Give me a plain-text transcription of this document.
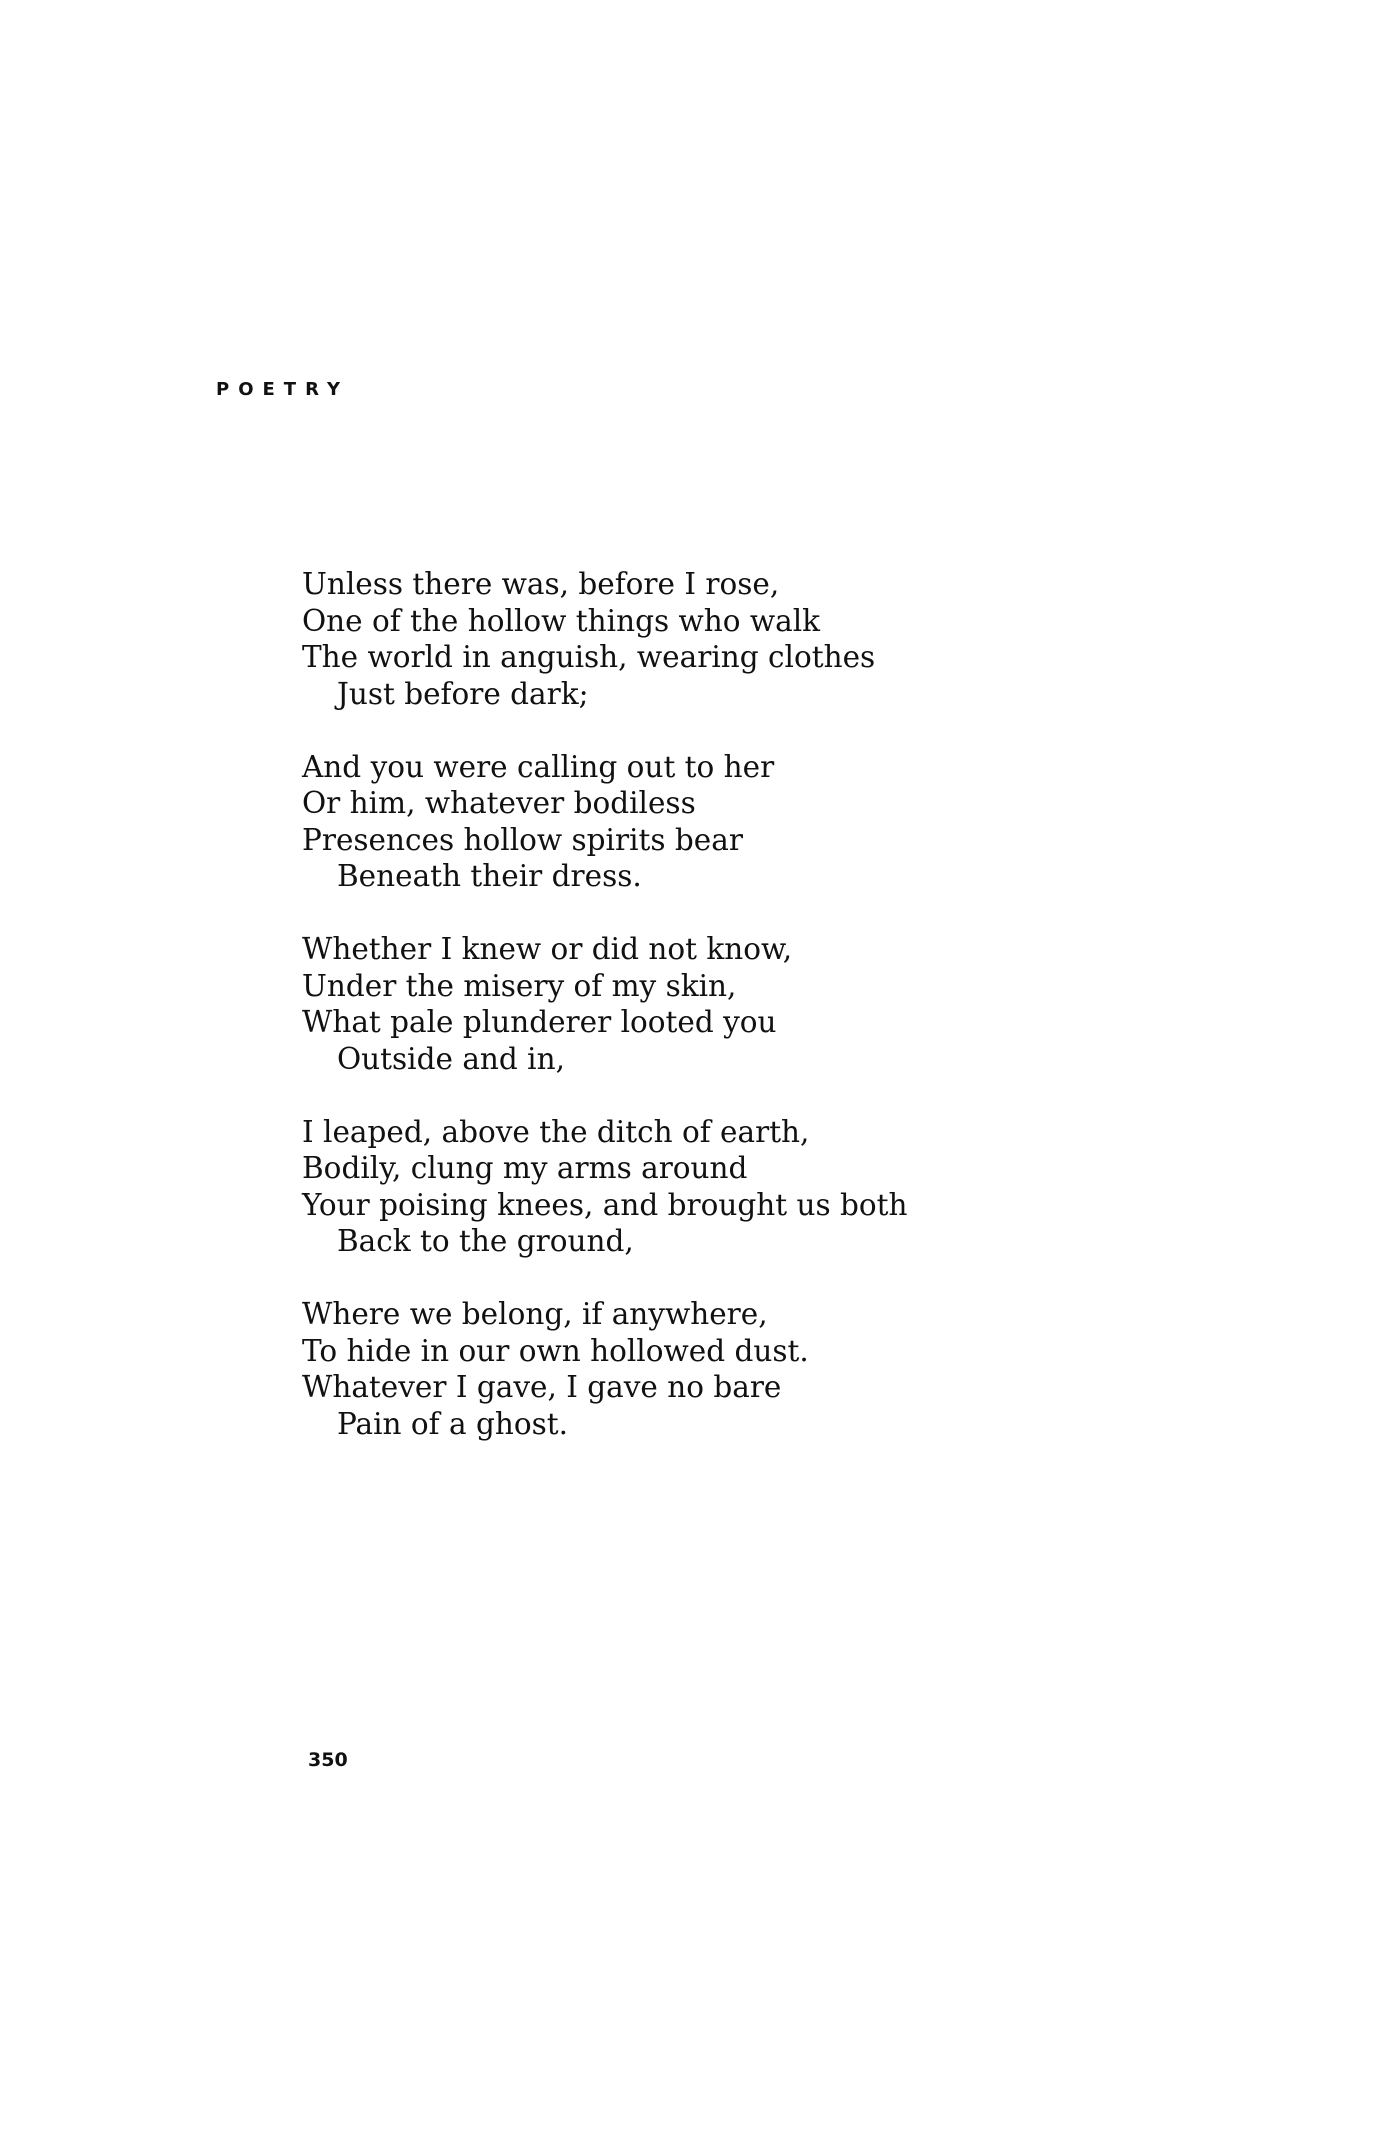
POETRY
Unless there was, before I rose,
One of the hollow things who walk
The world in anguish, wearing clothes
Just before dark;
And you were calling out to her
Or him, whatever bodiless
Presences hollow spirits bear
Beneath their dress.
Whether I knew or did not know,
Under the misery of my skin,
What pale plunderer looted you
Outside and in,
I leaped, above the ditch of earth,
Bodily, clung my arms around
Your poising knees, and brought us both
Back to the ground,
Where we belong, if anywhere,
To hide in our own hollowed dust.
Whatever I gave, I gave no bare
Pain of a ghost.
350
